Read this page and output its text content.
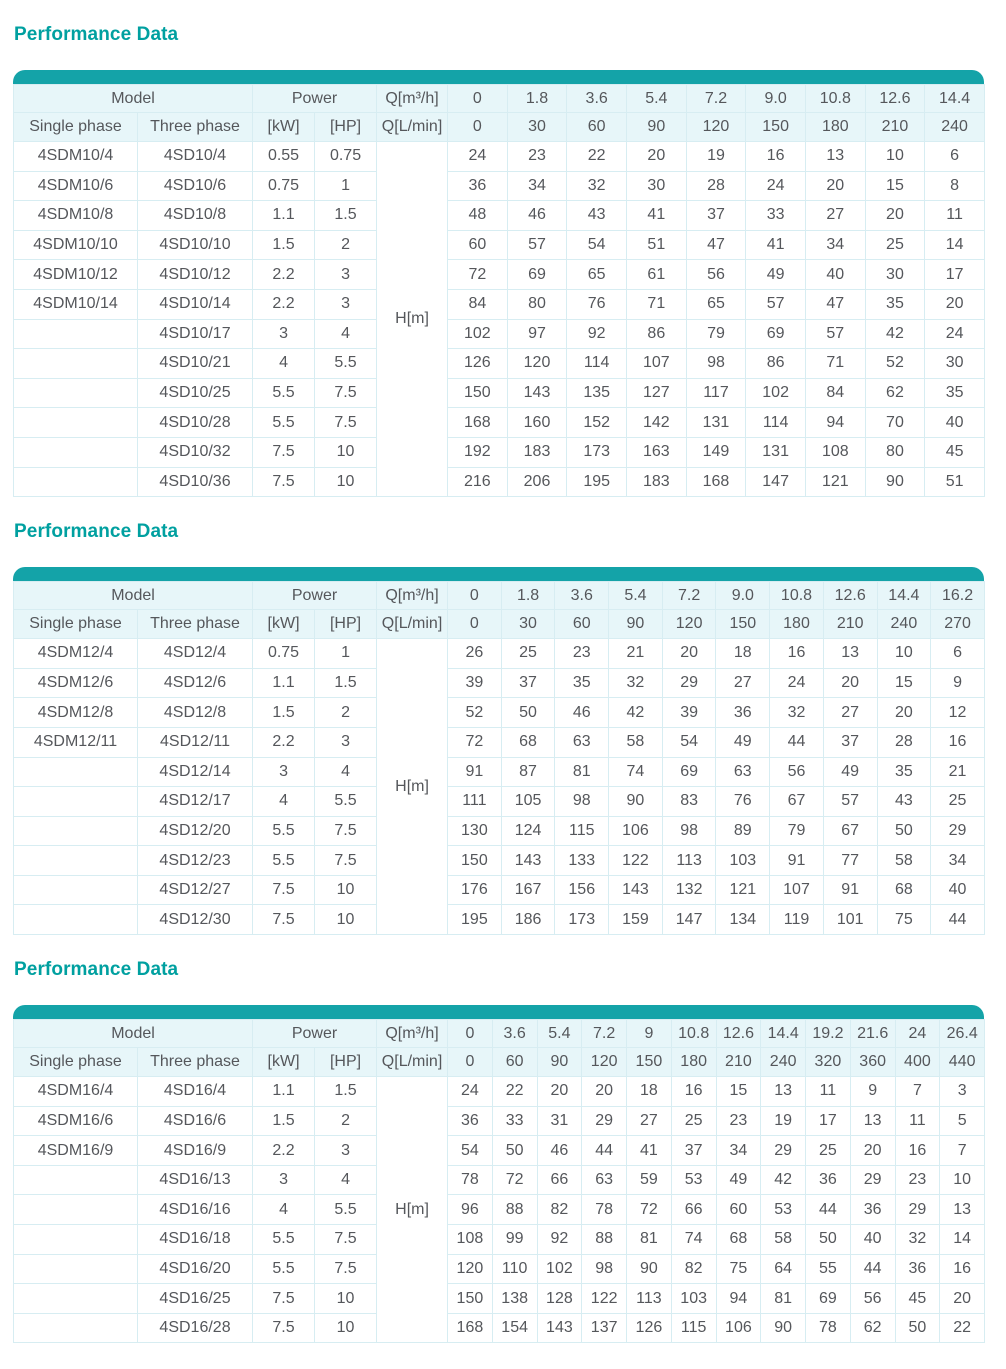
Performance Data
Model		Power		Q[m³/h]	0	1.8	3.6	5.4	7.2	9.0	10.8	12.6	14.4
Single phase	Three phase	[kW]	[HP]	Q[L/min]	0	30	60	90	120	150	180	210	240
4SDM10/4	4SD10/4	0.55	0.75	H[m]	24	23	22	20	19	16	13	10	6
4SDM10/6	4SD10/6	0.75	1		36	34	32	30	28	24	20	15	8
4SDM10/8	4SD10/8	1.1	1.5		48	46	43	41	37	33	27	20	11
4SDM10/10	4SD10/10	1.5	2		60	57	54	51	47	41	34	25	14
4SDM10/12	4SD10/12	2.2	3		72	69	65	61	56	49	40	30	17
4SDM10/14	4SD10/14	2.2	3		84	80	76	71	65	57	47	35	20
	4SD10/17	3	4		102	97	92	86	79	69	57	42	24
	4SD10/21	4	5.5		126	120	114	107	98	86	71	52	30
	4SD10/25	5.5	7.5		150	143	135	127	117	102	84	62	35
	4SD10/28	5.5	7.5		168	160	152	142	131	114	94	70	40
	4SD10/32	7.5	10		192	183	173	163	149	131	108	80	45
	4SD10/36	7.5	10		216	206	195	183	168	147	121	90	51
Performance Data
Model		Power		Q[m³/h]	0	1.8	3.6	5.4	7.2	9.0	10.8	12.6	14.4	16.2
Single phase	Three phase	[kW]	[HP]	Q[L/min]	0	30	60	90	120	150	180	210	240	270
4SDM12/4	4SD12/4	0.75	1	H[m]	26	25	23	21	20	18	16	13	10	6
4SDM12/6	4SD12/6	1.1	1.5		39	37	35	32	29	27	24	20	15	9
4SDM12/8	4SD12/8	1.5	2		52	50	46	42	39	36	32	27	20	12
4SDM12/11	4SD12/11	2.2	3		72	68	63	58	54	49	44	37	28	16
	4SD12/14	3	4		91	87	81	74	69	63	56	49	35	21
	4SD12/17	4	5.5		111	105	98	90	83	76	67	57	43	25
	4SD12/20	5.5	7.5		130	124	115	106	98	89	79	67	50	29
	4SD12/23	5.5	7.5		150	143	133	122	113	103	91	77	58	34
	4SD12/27	7.5	10		176	167	156	143	132	121	107	91	68	40
	4SD12/30	7.5	10		195	186	173	159	147	134	119	101	75	44
Performance Data
Model		Power		Q[m³/h]	0	3.6	5.4	7.2	9	10.8	12.6	14.4	19.2	21.6	24	26.4
Single phase	Three phase	[kW]	[HP]	Q[L/min]	0	60	90	120	150	180	210	240	320	360	400	440
4SDM16/4	4SD16/4	1.1	1.5	H[m]	24	22	20	20	18	16	15	13	11	9	7	3
4SDM16/6	4SD16/6	1.5	2		36	33	31	29	27	25	23	19	17	13	11	5
4SDM16/9	4SD16/9	2.2	3		54	50	46	44	41	37	34	29	25	20	16	7
	4SD16/13	3	4		78	72	66	63	59	53	49	42	36	29	23	10
	4SD16/16	4	5.5		96	88	82	78	72	66	60	53	44	36	29	13
	4SD16/18	5.5	7.5		108	99	92	88	81	74	68	58	50	40	32	14
	4SD16/20	5.5	7.5		120	110	102	98	90	82	75	64	55	44	36	16
	4SD16/25	7.5	10		150	138	128	122	113	103	94	81	69	56	45	20
	4SD16/28	7.5	10		168	154	143	137	126	115	106	90	78	62	50	22
